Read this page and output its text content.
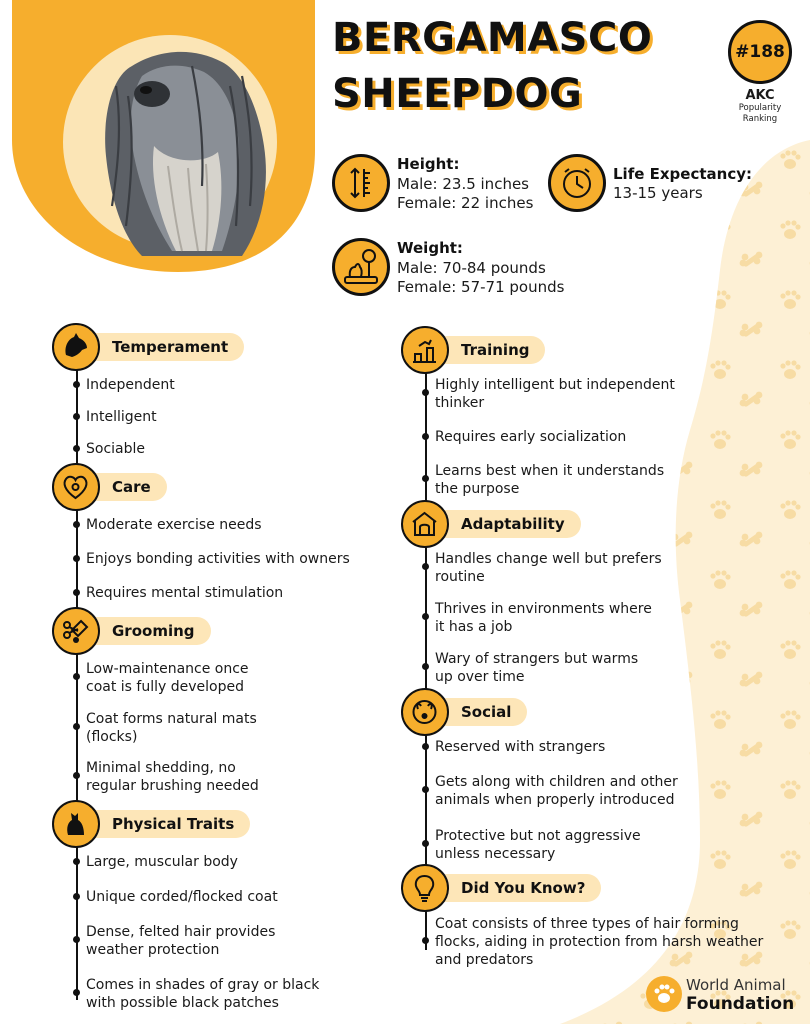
BERGAMASCO
SHEEPDOG
#188
AKC
Popularity
Ranking
Height:
Male: 23.5 inches
Female: 22 inches
Life Expectancy:
13-15 years
Weight:
Male: 70-84 pounds
Female: 57-71 pounds
Temperament
Independent
Intelligent
Sociable
Care
Moderate exercise needs
Enjoys bonding activities with owners
Requires mental stimulation
Grooming
Low-maintenance once
coat is fully developed
Coat forms natural mats
(flocks)
Minimal shedding, no
regular brushing needed
Physical Traits
Large, muscular body
Unique corded/flocked coat
Dense, felted hair provides
weather protection
Comes in shades of gray or black
with possible black patches
Training
Highly intelligent but independent
thinker
Requires early socialization
Learns best when it understands
the purpose
Adaptability
Handles change well but prefers
routine
Thrives in environments where
it has a job
Wary of strangers but warms
up over time
Social
Reserved with strangers
Gets along with children and other
animals when properly introduced
Protective but not aggressive
unless necessary
Did You Know?
Coat consists of three types of hair forming
flocks, aiding in protection from harsh weather
and predators
World Animal
Foundation
